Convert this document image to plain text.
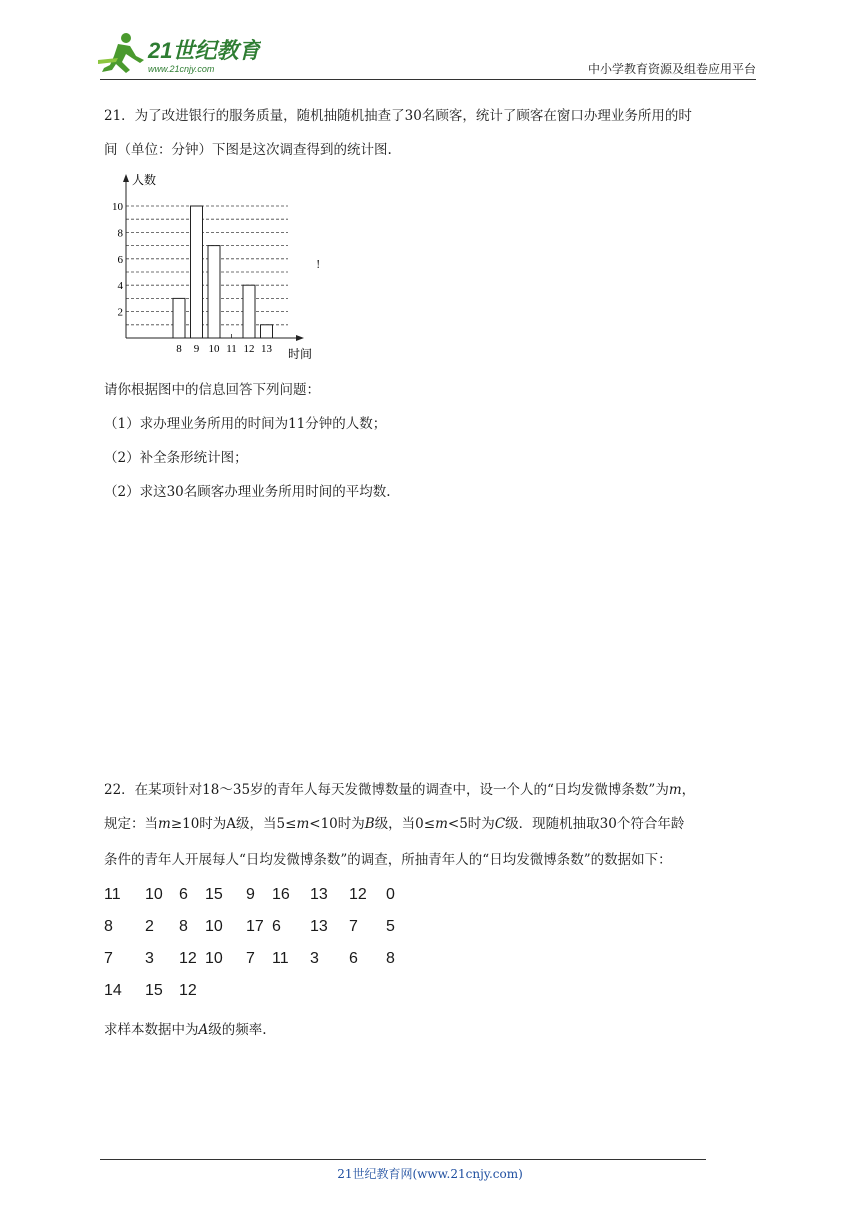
21世纪教育
www.21cnjy.com	中小学教育资源及组卷应用平台
21．为了改进银行的服务质量，随机抽随机抽查了30名顾客，统计了顾客在窗口办理业务所用的时
间（单位：分钟）下图是这次调查得到的统计图.
2
4
6
8
10
人数
时间
8 9 10 11 12 13
!
请你根据图中的信息回答下列问题：
（1）求办理业务所用的时间为11分钟的人数；
（2）补全条形统计图；
（2）求这30名顾客办理业务所用时间的平均数.
22．在某项针对18～35岁的青年人每天发微博数量的调查中，设一个人的“日均发微博条数”为m，
规定：当m≥10时为A级，当5≤m<10时为B级，当0≤m<5时为C级．现随机抽取30个符合年龄
条件的青年人开展每人“日均发微博条数”的调查，所抽青年人的“日均发微博条数”的数据如下：
11 10 6 15 9 16 13 12 0
8 2 8 10 17 6 13 7 5
7 3 12 10 7 11 3 6 8
14 15 12
求样本数据中为A级的频率.
21世纪教育网(www.21cnjy.com)
